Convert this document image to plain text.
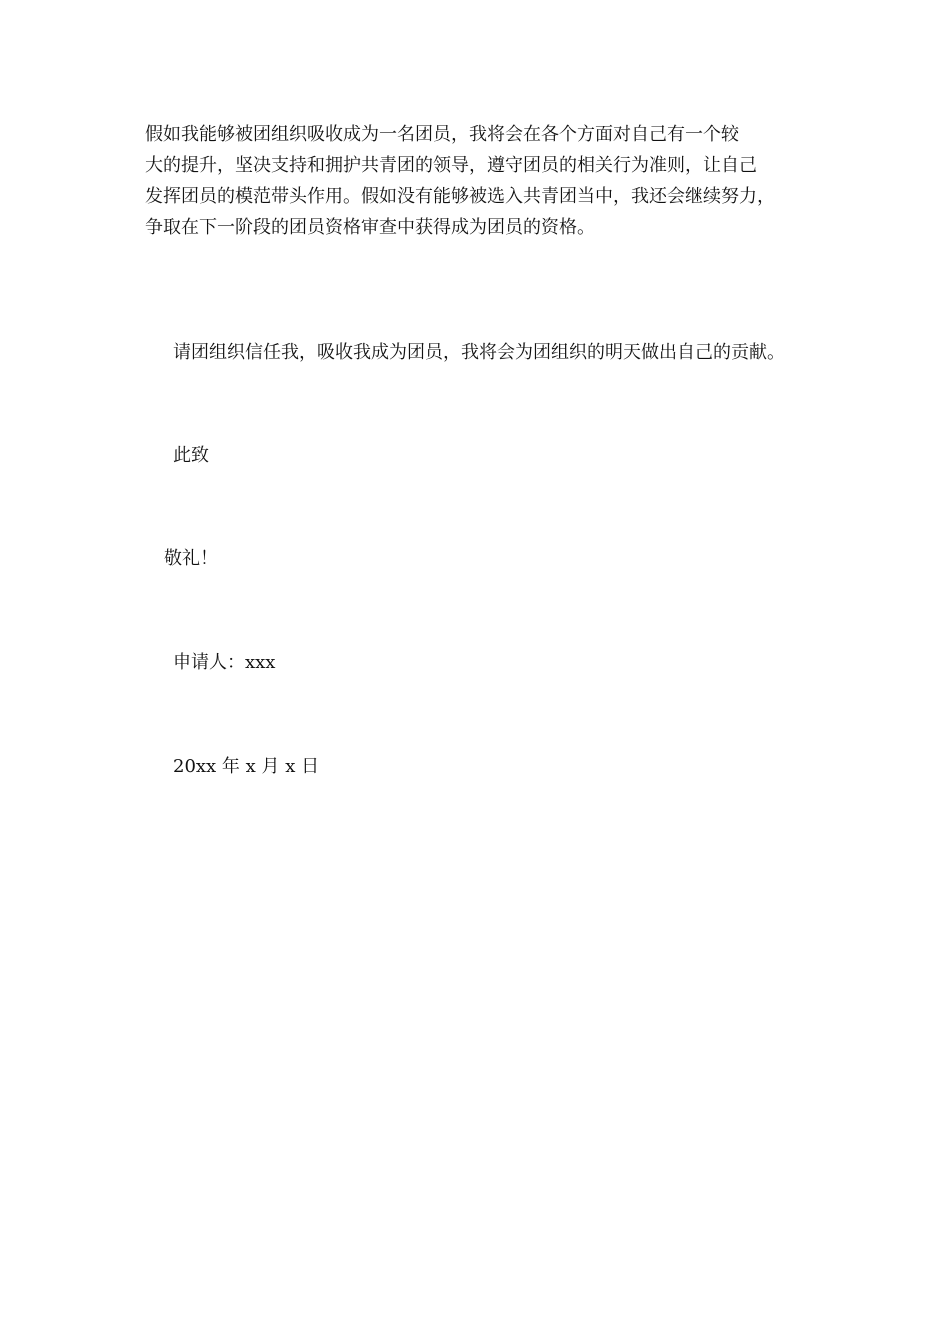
假如我能够被团组织吸收成为一名团员，我将会在各个方面对自己有一个较
大的提升，坚决支持和拥护共青团的领导，遵守团员的相关行为准则，让自己
发挥团员的模范带头作用。假如没有能够被选入共青团当中，我还会继续努力，
争取在下一阶段的团员资格审查中获得成为团员的资格。
请团组织信任我，吸收我成为团员，我将会为团组织的明天做出自己的贡献。
此致
敬礼！
申请人：xxx
20xx 年 x 月 x 日
